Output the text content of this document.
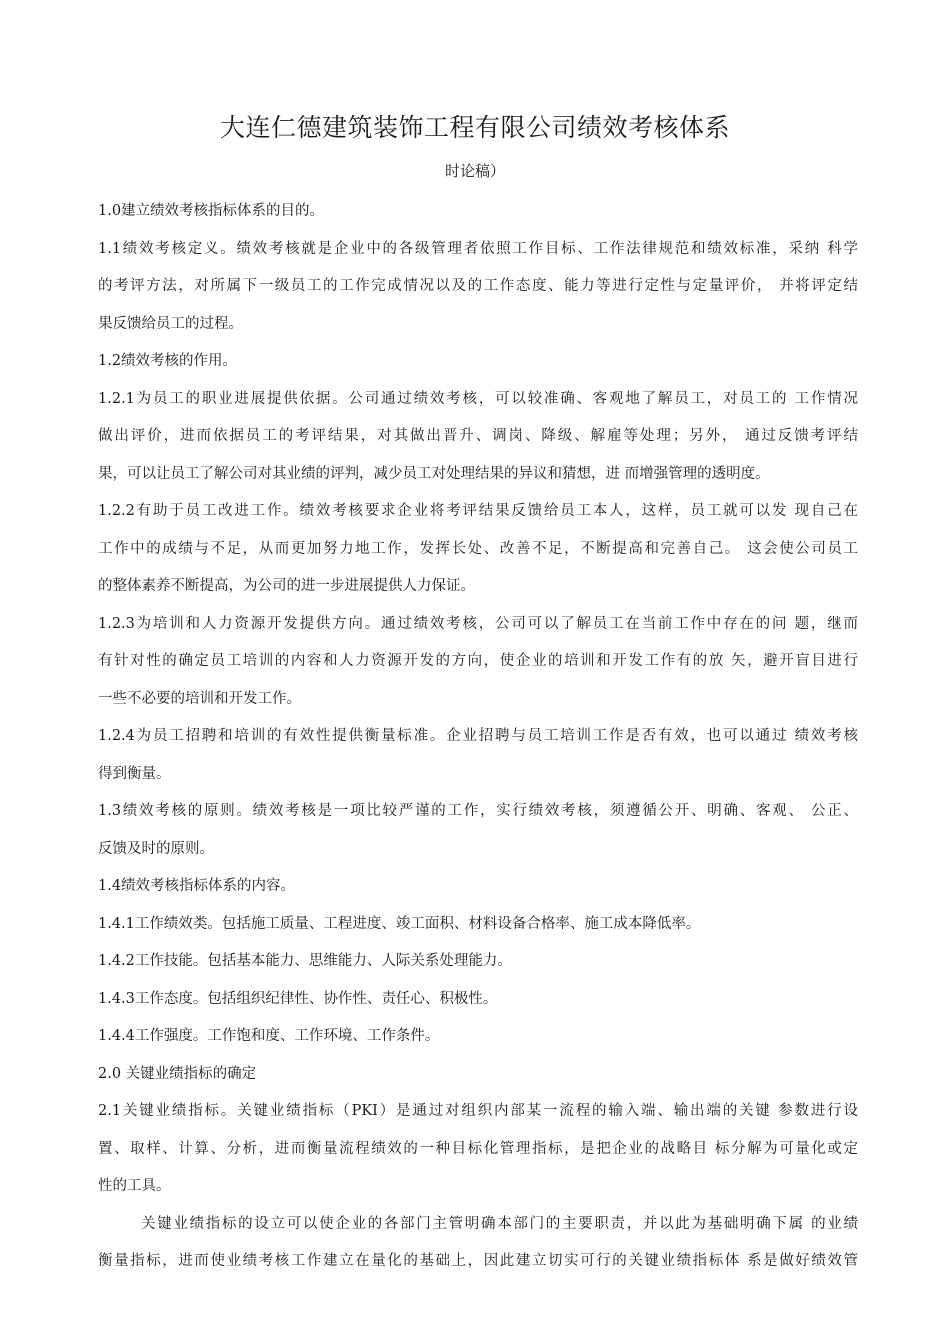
大连仁德建筑装饰工程有限公司绩效考核体系
时论稿）
1.0建立绩效考核指标体系的目的。
1.1绩效考核定义。绩效考核就是企业中的各级管理者依照工作目标、工作法律规范和绩效标准，采纳 科学
的考评方法，对所属下一级员工的工作完成情况以及的工作态度、能力等进行定性与定量评价， 并将评定结
果反馈给员工的过程。
1.2绩效考核的作用。
1.2.1为员工的职业进展提供依据。公司通过绩效考核，可以较准确、客观地了解员工，对员工的 工作情况
做出评价，进而依据员工的考评结果，对其做出晋升、调岗、降级、解雇等处理；另外， 通过反馈考评结
果，可以让员工了解公司对其业绩的评判，减少员工对处理结果的异议和猜想，进 而增强管理的透明度。
1.2.2有助于员工改进工作。绩效考核要求企业将考评结果反馈给员工本人，这样，员工就可以发 现自己在
工作中的成绩与不足，从而更加努力地工作，发挥长处、改善不足，不断提高和完善自己。 这会使公司员工
的整体素养不断提高，为公司的进一步进展提供人力保证。
1.2.3为培训和人力资源开发提供方向。通过绩效考核，公司可以了解员工在当前工作中存在的问 题，继而
有针对性的确定员工培训的内容和人力资源开发的方向，使企业的培训和开发工作有的放 矢，避开盲目进行
一些不必要的培训和开发工作。
1.2.4为员工招聘和培训的有效性提供衡量标准。企业招聘与员工培训工作是否有效，也可以通过 绩效考核
得到衡量。
1.3绩效考核的原则。绩效考核是一项比较严谨的工作，实行绩效考核，须遵循公开、明确、客观、 公正、
反馈及时的原则。
1.4绩效考核指标体系的内容。
1.4.1工作绩效类。包括施工质量、工程进度、竣工面积、材料设备合格率、施工成本降低率。
1.4.2工作技能。包括基本能力、思维能力、人际关系处理能力。
1.4.3工作态度。包括组织纪律性、协作性、责任心、积极性。
1.4.4工作强度。工作饱和度、工作环境、工作条件。
2.0 关键业绩指标的确定
2.1关键业绩指标。关键业绩指标（PKI）是通过对组织内部某一流程的输入端、输出端的关键 参数进行设
置、取样、计算、分析，进而衡量流程绩效的一种目标化管理指标，是把企业的战略目 标分解为可量化或定
性的工具。
关键业绩指标的设立可以使企业的各部门主管明确本部门的主要职责，并以此为基础明确下属 的业绩
衡量指标，进而使业绩考核工作建立在量化的基础上，因此建立切实可行的关键业绩指标体 系是做好绩效管
